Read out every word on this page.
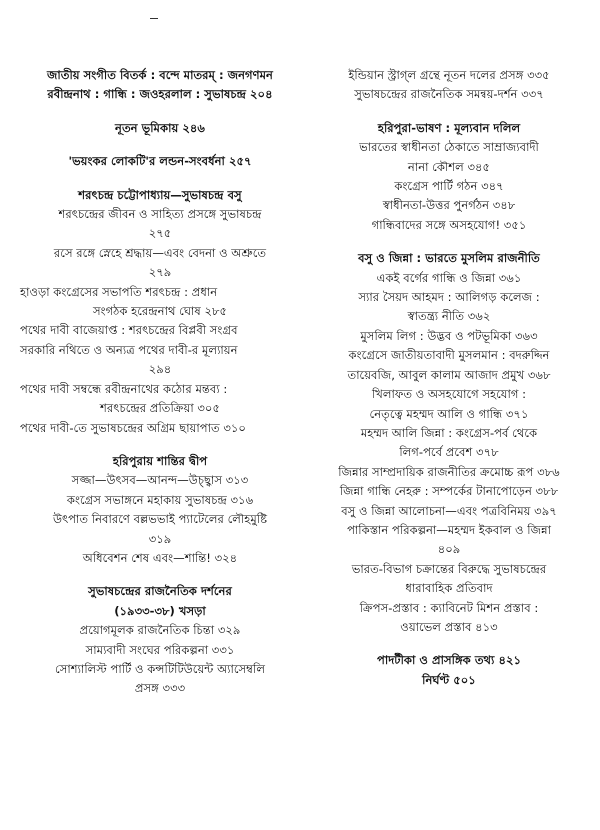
জাতীয় সংগীত বিতর্ক : বন্দে মাতরম্ : জনগণমন
রবীন্দ্রনাথ : গান্ধি : জওহরলাল : সুভাষচন্দ্র ২০৪
নূতন ভূমিকায় ২৪৬
'ভয়ংকর লোকটি'র লন্ডন-সংবর্ধনা ২৫৭
শরৎচন্দ্র চট্টোপাধ্যায়—সুভাষচন্দ্র বসু
শরৎচন্দ্রের জীবন ও সাহিত্য প্রসঙ্গে সুভাষচন্দ্র
২৭৫
রসে রঙ্গে স্নেহে শ্রদ্ধায়—এবং বেদনা ও অশ্রুতে
২৭৯
হাওড়া কংগ্রেসের সভাপতি শরৎচন্দ্র : প্রধান
সংগঠক হরেন্দ্রনাথ ঘোষ ২৮৫
পথের দাবী বাজেয়াপ্ত : শরৎচন্দ্রের বিপ্লবী সংগ্রব
সরকারি নথিতে ও অন্যত্র পথের দাবী-র মূল্যায়ন
২৯৪
পথের দাবী সম্বন্ধে রবীন্দ্রনাথের কঠোর মন্তব্য :
শরৎচন্দ্রের প্রতিক্রিয়া ৩০৫
পথের দাবী-তে সুভাষচন্দ্রের অগ্রিম ছায়াপাত ৩১০
হরিপুরায় শান্তির দ্বীপ
সজ্জা—উৎসব—আনন্দ—উচ্ছ্বাস ৩১৩
কংগ্রেস সভাঙ্গনে মহাকায় সুভাষচন্দ্র ৩১৬
উৎপাত নিবারণে বল্লভভাই প্যাটেলের লৌহমুষ্টি
৩১৯
অধিবেশন শেষ এবং—শান্তি! ৩২৪
সুভাষচন্দ্রের রাজনৈতিক দর্শনের
(১৯৩৩-৩৮) খসড়া
প্রয়োগমূলক রাজনৈতিক চিন্তা ৩২৯
সাম্যবাদী সংঘের পরিকল্পনা ৩৩১
সোশ্যালিস্ট পার্টি ও কন্সটিটিউয়েন্ট অ্যাসেম্বলি
প্রসঙ্গ ৩৩৩
ইন্ডিয়ান স্ট্রাগ্‌ল গ্রন্থে নূতন দলের প্রসঙ্গ ৩৩৫
সুভাষচন্দ্রের রাজনৈতিক সমন্বয়-দর্শন ৩৩৭
হরিপুরা-ভাষণ : মূল্যবান দলিল
ভারতের স্বাধীনতা ঠেকাতে সাম্রাজ্যবাদী
নানা কৌশল ৩৪৫
কংগ্রেস পার্টি গঠন ৩৪৭
স্বাধীনতা-উত্তর পুনর্গঠন ৩৪৮
গান্ধিবাদের সঙ্গে অসহযোগ! ৩৫১
বসু ও জিন্না : ভারতে মুসলিম রাজনীতি
একই বর্গের গান্ধি ও জিন্না ৩৬১
স্যার সৈয়দ আহমদ : আলিগড় কলেজ :
স্বাতন্ত্র্য নীতি ৩৬২
মুসলিম লিগ : উদ্ভব ও পটভূমিকা ৩৬৩
কংগ্রেসে জাতীয়তাবাদী মুসলমান : বদরুদ্দিন
তায়েবজি, আবুল কালাম আজাদ প্রমুখ ৩৬৮
খিলাফত ও অসহযোগে সহযোগ :
নেতৃত্বে মহম্মদ আলি ও গান্ধি ৩৭১
মহম্মদ আলি জিন্না : কংগ্রেস-পর্ব থেকে
লিগ-পর্বে প্রবেশ ৩৭৮
জিন্নার সাম্প্রদায়িক রাজনীতির ক্রমোচ্চ রূপ ৩৮৬
জিন্না গান্ধি নেহরু : সম্পর্কের টানাপোড়েন ৩৮৮
বসু ও জিন্না আলোচনা—এবং পত্রবিনিময় ৩৯৭
পাকিস্তান পরিকল্পনা—মহম্মদ ইকবাল ও জিন্না
৪০৯
ভারত-বিভাগ চক্রান্তের বিরুদ্ধে সুভাষচন্দ্রের
ধারাবাহিক প্রতিবাদ
ক্রিপস-প্রস্তাব : ক্যাবিনেট মিশন প্রস্তাব :
ওয়াভেল প্রস্তাব ৪১৩
পাদটীকা ও প্রাসঙ্গিক তথ্য ৪২১
নির্ঘণ্ট ৫০১
